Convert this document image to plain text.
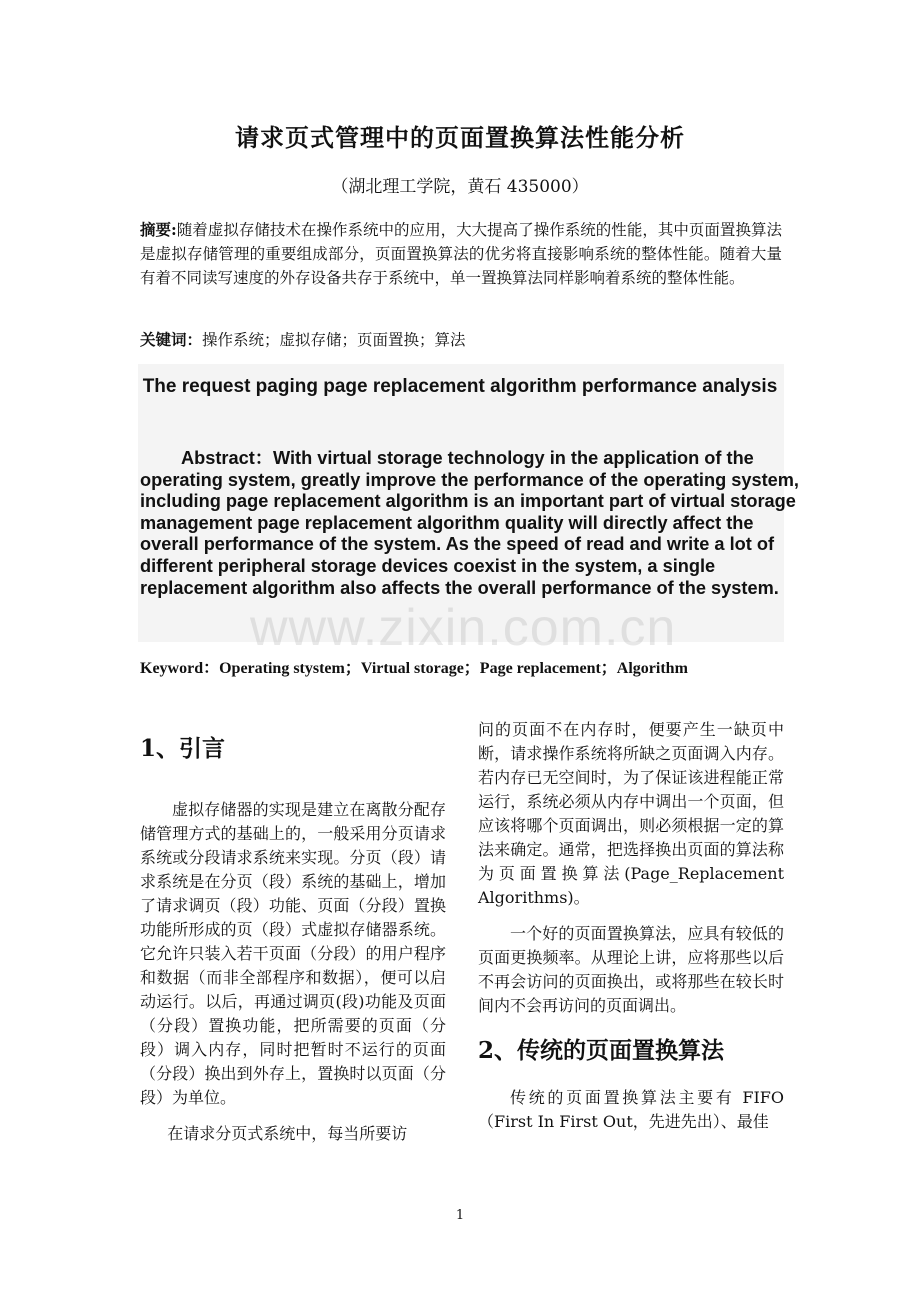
请求页式管理中的页面置换算法性能分析
（湖北理工学院，黄石 435000）
摘要:随着虚拟存储技术在操作系统中的应用，大大提高了操作系统的性能，其中页面置换算法是虚拟存储管理的重要组成部分，页面置换算法的优劣将直接影响系统的整体性能。随着大量有着不同读写速度的外存设备共存于系统中，单一置换算法同样影响着系统的整体性能。
关键词：操作系统；虚拟存储；页面置换；算法
The request paging page replacement algorithm performance analysis
Abstract：With virtual storage technology in the application of the operating system, greatly improve the performance of the operating system, including page replacement algorithm is an important part of virtual storage management page replacement algorithm quality will directly affect the overall performance of the system. As the speed of read and write a lot of different peripheral storage devices coexist in the system, a single replacement algorithm also affects the overall performance of the system.
www.zixin.com.cn
Keyword：Operating stystem；Virtual storage；Page replacement；Algorithm
1、引言

虚拟存储器的实现是建立在离散分配存储管理方式的基础上的，一般采用分页请求系统或分段请求系统来实现。分页（段）请求系统是在分页（段）系统的基础上，增加了请求调页（段）功能、页面（分段）置换功能所形成的页（段）式虚拟存储器系统。它允许只装入若干页面（分段）的用户程序和数据（而非全部程序和数据），便可以启动运行。以后，再通过调页(段)功能及页面（分段）置换功能，把所需要的页面（分段）调入内存，同时把暂时不运行的页面（分段）换出到外存上，置换时以页面（分段）为单位。

在请求分页式系统中，每当所要访

问的页面不在内存时，便要产生一缺页中断，请求操作系统将所缺之页面调入内存。若内存已无空间时，为了保证该进程能正常运行，系统必须从内存中调出一个页面，但应该将哪个页面调出，则必须根据一定的算法来确定。通常，把选择换出页面的算法称为页面置换算法(Page_Replacement Algorithms)。

一个好的页面置换算法，应具有较低的页面更换频率。从理论上讲，应将那些以后不再会访问的页面换出，或将那些在较长时间内不会再访问的页面调出。

2、传统的页面置换算法

传统的页面置换算法主要有 FIFO（First In First Out，先进先出）、最佳

1
